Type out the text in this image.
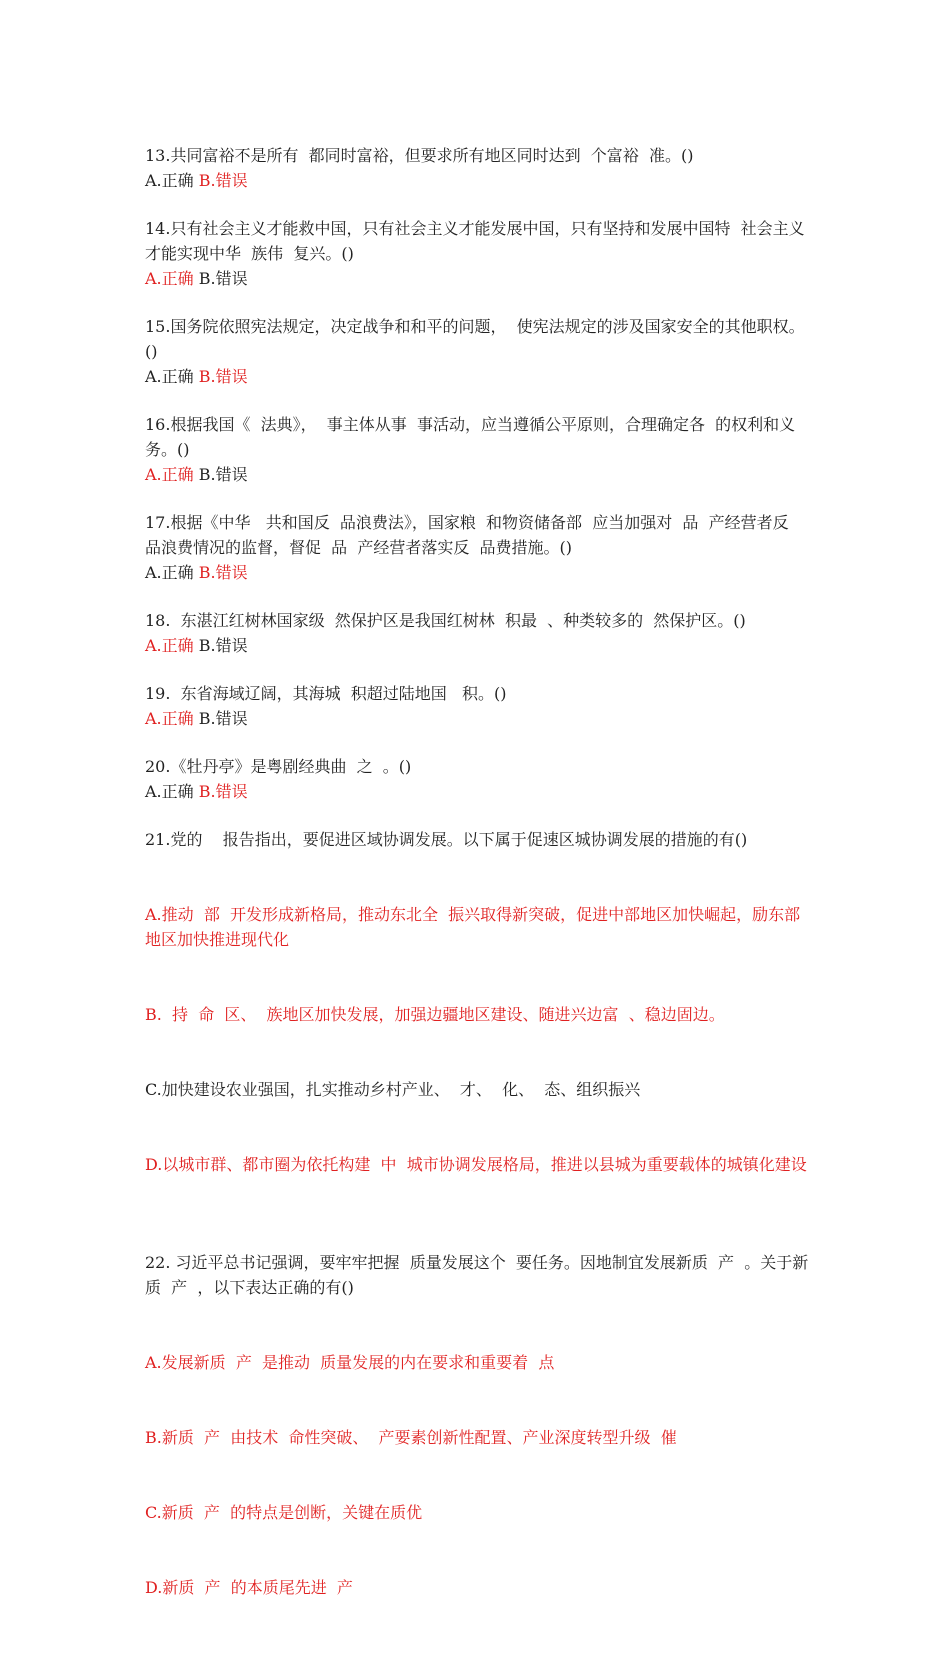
13.共同富裕不是所有  都同时富裕，但要求所有地区同时达到  个富裕  准。()
A.正确 B.错误
14.只有社会主义才能救中国，只有社会主义才能发展中国，只有坚持和发展中国特  社会主义才能实现中华  族伟  复兴。()
A.正确 B.错误
15.国务院依照宪法规定，决定战争和和平的问题，  使宪法规定的涉及国家安全的其他职权。()
A.正确 B.错误
16.根据我国《  法典》，  事主体从事  事活动，应当遵循公平原则，合理确定各  的权利和义务。()
A.正确 B.错误
17.根据《中华   共和国反  品浪费法》，国家粮  和物资储备部  应当加强对  品  产经营者反  品浪费情况的监督，督促  品  产经营者落实反  品费措施。()
A.正确 B.错误
18.  东湛江红树林国家级  然保护区是我国红树林  积最  、种类较多的  然保护区。()
A.正确 B.错误
19.  东省海域辽阔，其海城  积超过陆地国   积。()
A.正确 B.错误
20.《牡丹亭》是粤剧经典曲  之  。()
A.正确 B.错误
21.党的    报告指出，要促进区域协调发展。以下属于促速区城协调发展的措施的有()

A.推动  部  开发形成新格局，推动东北全  振兴取得新突破，促进中部地区加快崛起，励东部地区加快推进现代化

B.  持  命  区、  族地区加快发展，加强边疆地区建设、随进兴边富  、稳边固边。

C.加快建设农业强国，扎实推动乡村产业、  才、  化、  态、组织振兴

D.以城市群、都市圈为依托构建  中  城市协调发展格局，推进以县城为重要载体的城镇化建设

22. 习近平总书记强调，要牢牢把握  质量发展这个  要任务。因地制宜发展新质  产  。关于新质  产  ，以下表达正确的有()

A.发展新质  产  是推动  质量发展的内在要求和重要着  点

B.新质  产  由技术  命性突破、  产要素创新性配置、产业深度转型升级  催

C.新质  产  的特点是创断，关键在质优

D.新质  产  的本质尾先进  产
